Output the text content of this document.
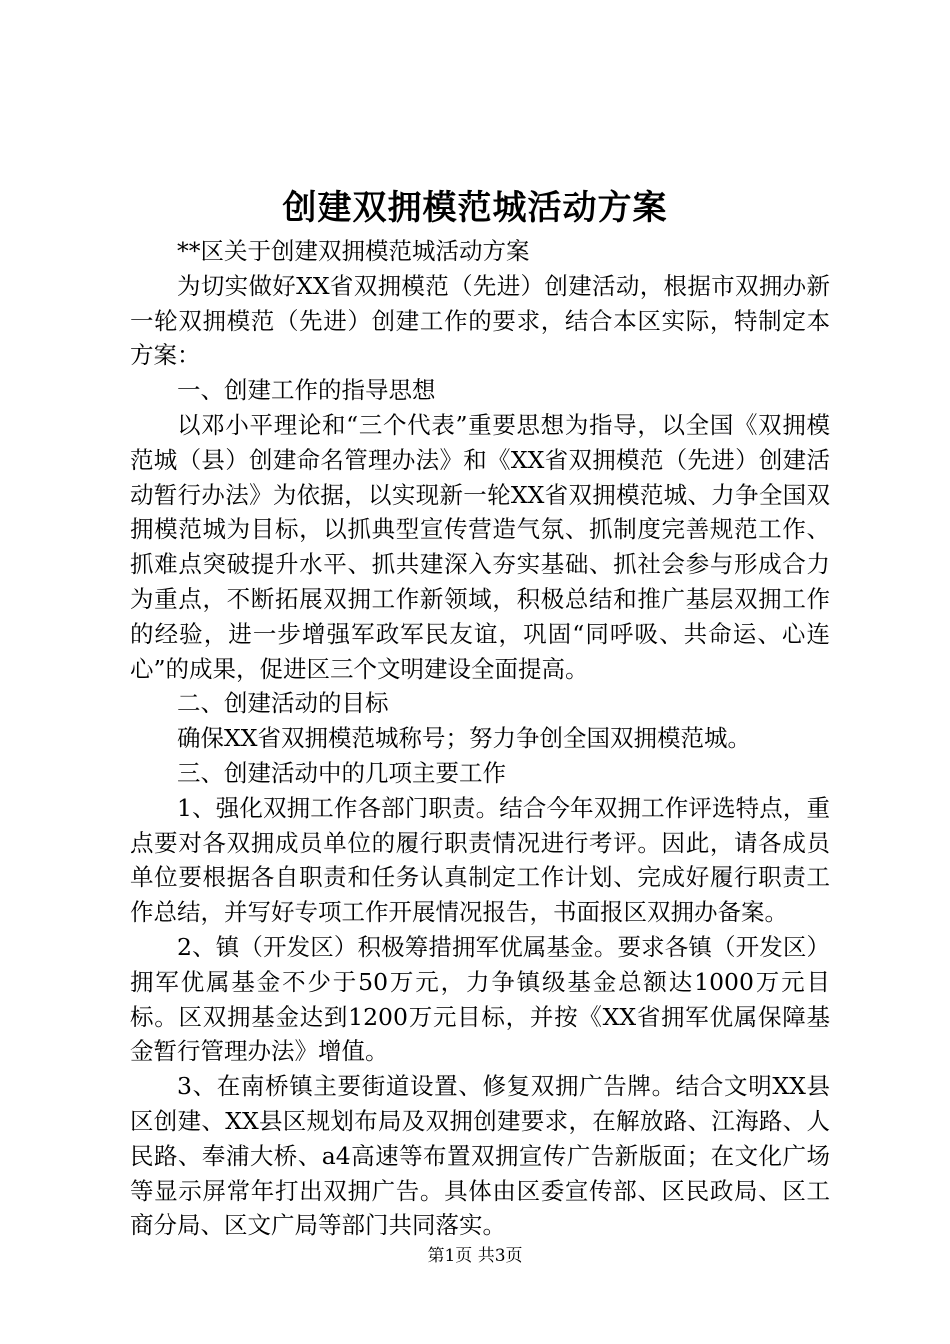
创建双拥模范城活动方案

**区关于创建双拥模范城活动方案

为切实做好XX省双拥模范（先进）创建活动，根据市双拥办新一轮双拥模范（先进）创建工作的要求，结合本区实际，特制定本方案：

一、创建工作的指导思想

以邓小平理论和“三个代表”重要思想为指导，以全国《双拥模范城（县）创建命名管理办法》和《XX省双拥模范（先进）创建活动暂行办法》为依据，以实现新一轮XX省双拥模范城、力争全国双拥模范城为目标，以抓典型宣传营造气氛、抓制度完善规范工作、抓难点突破提升水平、抓共建深入夯实基础、抓社会参与形成合力为重点，不断拓展双拥工作新领域，积极总结和推广基层双拥工作的经验，进一步增强军政军民友谊，巩固“同呼吸、共命运、心连心”的成果，促进区三个文明建设全面提高。

二、创建活动的目标

确保XX省双拥模范城称号；努力争创全国双拥模范城。

三、创建活动中的几项主要工作

1、强化双拥工作各部门职责。结合今年双拥工作评选特点，重点要对各双拥成员单位的履行职责情况进行考评。因此，请各成员单位要根据各自职责和任务认真制定工作计划、完成好履行职责工作总结，并写好专项工作开展情况报告，书面报区双拥办备案。

2、镇（开发区）积极筹措拥军优属基金。要求各镇（开发区）拥军优属基金不少于50万元，力争镇级基金总额达1000万元目标。区双拥基金达到1200万元目标，并按《XX省拥军优属保障基金暂行管理办法》增值。

3、在南桥镇主要街道设置、修复双拥广告牌。结合文明XX县区创建、XX县区规划布局及双拥创建要求，在解放路、江海路、人民路、奉浦大桥、a4高速等布置双拥宣传广告新版面；在文化广场等显示屏常年打出双拥广告。具体由区委宣传部、区民政局、区工商分局、区文广局等部门共同落实。

第1页 共3页
